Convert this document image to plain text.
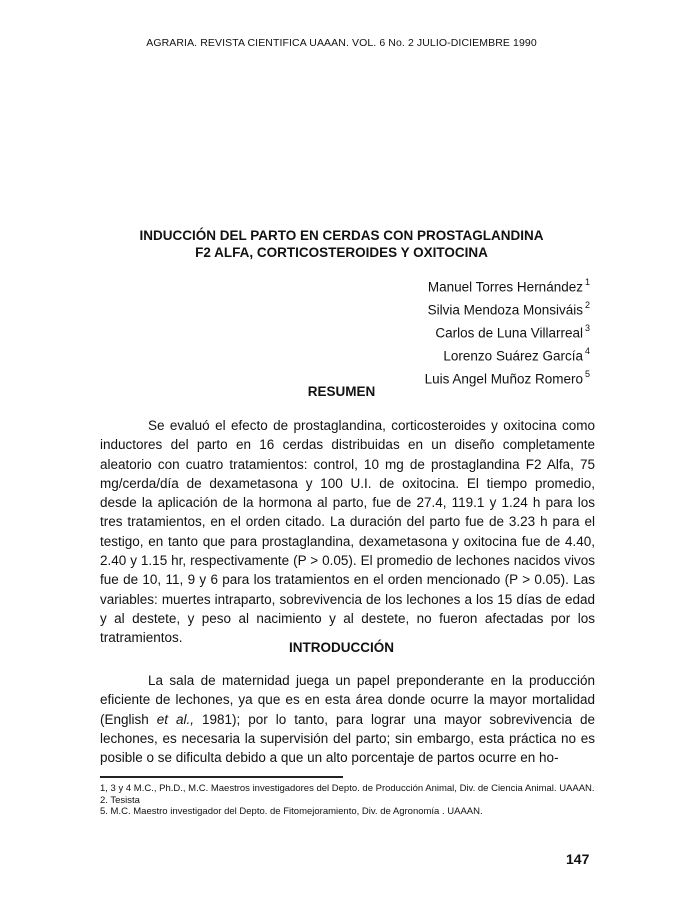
AGRARIA. REVISTA CIENTIFICA UAAAN. VOL. 6 No. 2 JULIO-DICIEMBRE 1990
INDUCCIÓN DEL PARTO EN CERDAS CON PROSTAGLANDINA
F2 ALFA, CORTICOSTEROIDES Y OXITOCINA
Manuel Torres Hernández $^1$
Silvia Mendoza Monsiváis $^2$
Carlos de Luna Villarreal $^3$
Lorenzo Suárez García $^4$
Luis Angel Muñoz Romero $^5$
RESUMEN

Se evaluó el efecto de prostaglandina, corticosteroides y oxitocina como inductores del parto en 16 cerdas distribuidas en un diseño completamente aleatorio con cuatro tratamientos: control, 10 mg de prostaglandina F2 Alfa, 75 mg/cerda/día de dexametasona y 100 U.I. de oxitocina. El tiempo promedio, desde la aplicación de la hormona al parto, fue de 27.4, 119.1 y 1.24 h para los tres tratamientos, en el orden citado. La duración del parto fue de 3.23 h para el testigo, en tanto que para prostaglandina, dexametasona y oxitocina fue de 4.40, 2.40 y 1.15 hr, respectivamente (P > 0.05). El promedio de lechones nacidos vivos fue de 10, 11, 9 y 6 para los tratamientos en el orden mencionado (P > 0.05). Las variables: muertes intraparto, sobrevivencia de los lechones a los 15 días de edad y al destete, y peso al nacimiento y al destete, no fueron afectadas por los tratramientos.

INTRODUCCIÓN

La sala de maternidad juega un papel preponderante en la producción eficiente de lechones, ya que es en esta área donde ocurre la mayor mortalidad (English et al., 1981); por lo tanto, para lograr una mayor sobrevivencia de lechones, es necesaria la supervisión del parto; sin embargo, esta práctica no es posible o se dificulta debido a que un alto porcentaje de partos ocurre en ho-

1, 3 y 4 M.C., Ph.D., M.C. Maestros investigadores del Depto. de Producción Animal, Div. de Ciencia Animal. UAAAN.

2. Tesista

5. M.C. Maestro investigador del Depto. de Fitomejoramiento, Div. de Agronomía . UAAAN.

147
